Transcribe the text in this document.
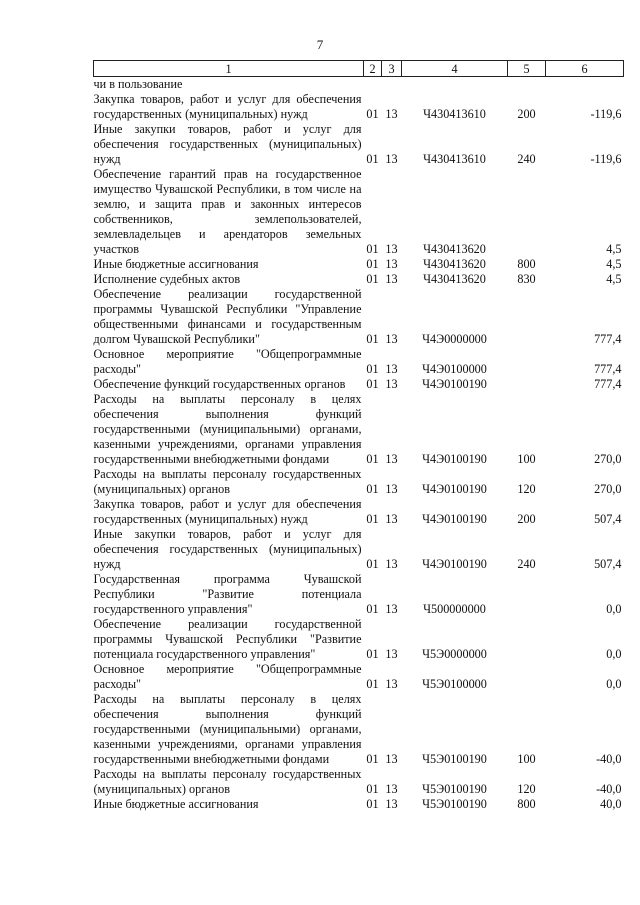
7
1	2	3	4	5	6
чи в пользование					
Закупка товаров, работ и услуг для обеспечения государственных (муниципальных) нужд	01	13	Ч430413610	200	-119,6
Иные закупки товаров, работ и услуг для обеспечения государственных (муниципальных) нужд	01	13	Ч430413610	240	-119,6
Обеспечение гарантий прав на государственное имущество Чувашской Республики, в том числе на землю, и защита прав и законных интересов собственников, землепользователей, землевладельцев и арендаторов земельных участков	01	13	Ч430413620		4,5
Иные бюджетные ассигнования	01	13	Ч430413620	800	4,5
Исполнение судебных актов	01	13	Ч430413620	830	4,5
Обеспечение реализации государственной программы Чувашской Республики "Управление общественными финансами и государственным долгом Чувашской Республики"	01	13	Ч4Э0000000		777,4
Основное мероприятие "Общепрограммные расходы"	01	13	Ч4Э0100000		777,4
Обеспечение функций государственных органов	01	13	Ч4Э0100190		777,4
Расходы на выплаты персоналу в целях обеспечения выполнения функций государственными (муниципальными) органами, казенными учреждениями, органами управления государственными внебюджетными фондами	01	13	Ч4Э0100190	100	270,0
Расходы на выплаты персоналу государственных (муниципальных) органов	01	13	Ч4Э0100190	120	270,0
Закупка товаров, работ и услуг для обеспечения государственных (муниципальных) нужд	01	13	Ч4Э0100190	200	507,4
Иные закупки товаров, работ и услуг для обеспечения государственных (муниципальных) нужд	01	13	Ч4Э0100190	240	507,4
Государственная программа Чувашской Республики "Развитие потенциала государственного управления"	01	13	Ч500000000		0,0
Обеспечение реализации государственной программы Чувашской Республики "Развитие потенциала государственного управления"	01	13	Ч5Э0000000		0,0
Основное мероприятие "Общепрограммные расходы"	01	13	Ч5Э0100000		0,0
Расходы на выплаты персоналу в целях обеспечения выполнения функций государственными (муниципальными) органами, казенными учреждениями, органами управления государственными внебюджетными фондами	01	13	Ч5Э0100190	100	-40,0
Расходы на выплаты персоналу государственных (муниципальных) органов	01	13	Ч5Э0100190	120	-40,0
Иные бюджетные ассигнования	01	13	Ч5Э0100190	800	40,0
